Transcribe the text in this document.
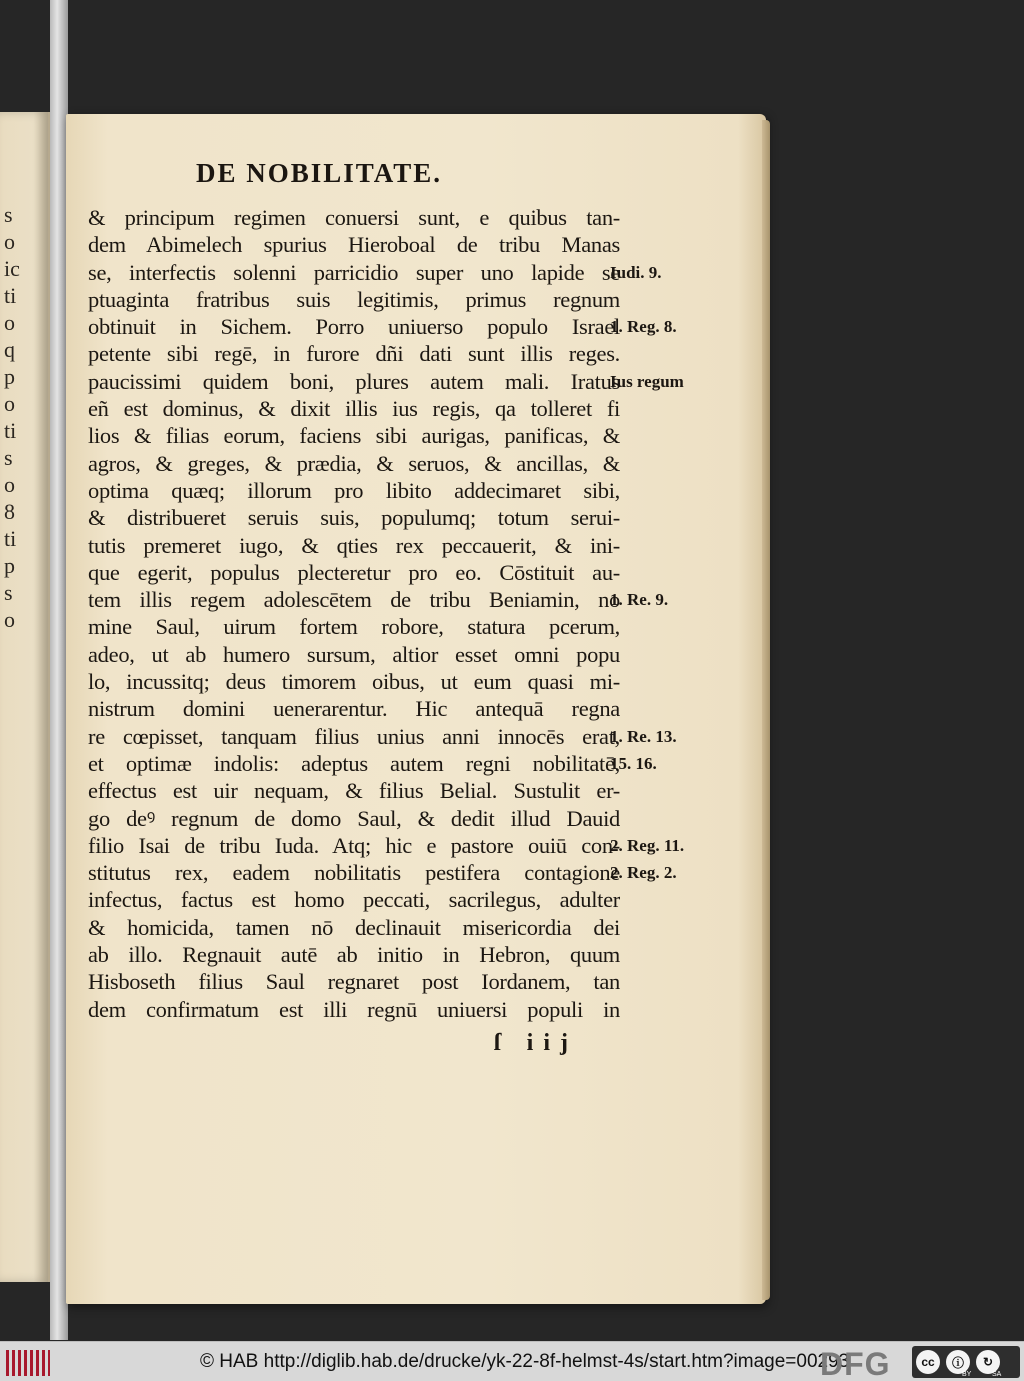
s
o
ic
ti
o
q
p
o
ti
s
o
8
ti
p
s
o
DE NOBILITATE.
& principum regimen conuersi sunt, e quibus tan-
dem Abimelech spurius Hieroboal de tribu Manas
se, interfectis solenni parricidio super uno lapide se
ptuaginta fratribus suis legitimis, primus regnum
obtinuit in Sichem. Porro uniuerso populo Israel
petente sibi regē, in furore dñi dati sunt illis reges.
paucissimi quidem boni, plures autem mali. Iratus
eñ est dominus, & dixit illis ius regis, qa tolleret fi
lios & filias eorum, faciens sibi aurigas, panificas, &
agros, & greges, & prædia, & seruos, & ancillas, &
optima quæq; illorum pro libito addecimaret sibi,
& distribueret seruis suis, populumq; totum serui-
tutis premeret iugo, & qties rex peccauerit, & ini-
que egerit, populus plecteretur pro eo. Cōstituit au-
tem illis regem adolescētem de tribu Beniamin, no
mine Saul, uirum fortem robore, statura pcerum,
adeo, ut ab humero sursum, altior esset omni popu
lo, incussitq; deus timorem oibus, ut eum quasi mi-
nistrum domini uenerarentur. Hic antequā regna
re cœpisset, tanquam filius unius anni innocēs erat,
et optimæ indolis: adeptus autem regni nobilitatē,
effectus est uir nequam, & filius Belial. Sustulit er-
go deꝰ regnum de domo Saul, & dedit illud Dauid
filio Isai de tribu Iuda. Atq; hic e pastore ouiū con-
stitutus rex, eadem nobilitatis pestifera contagione
infectus, factus est homo peccati, sacrilegus, adulter
& homicida, tamen nō declinauit misericordia dei
ab illo. Regnauit autē ab initio in Hebron, quum
Hisboseth filius Saul regnaret post Iordanem, tan
dem confirmatum est illi regnū uniuersi populi in
Iudi. 9.
1. Reg. 8.
Ius regum
1. Re. 9.
1. Re. 13.
15. 16.
2. Reg. 11.
2. Reg. 2.
ſ iij
© HAB http://diglib.hab.de/drucke/yk-22-8f-helmst-4s/start.htm?image=00293
DFG	cc	ⓘ	↻
BY	SA
